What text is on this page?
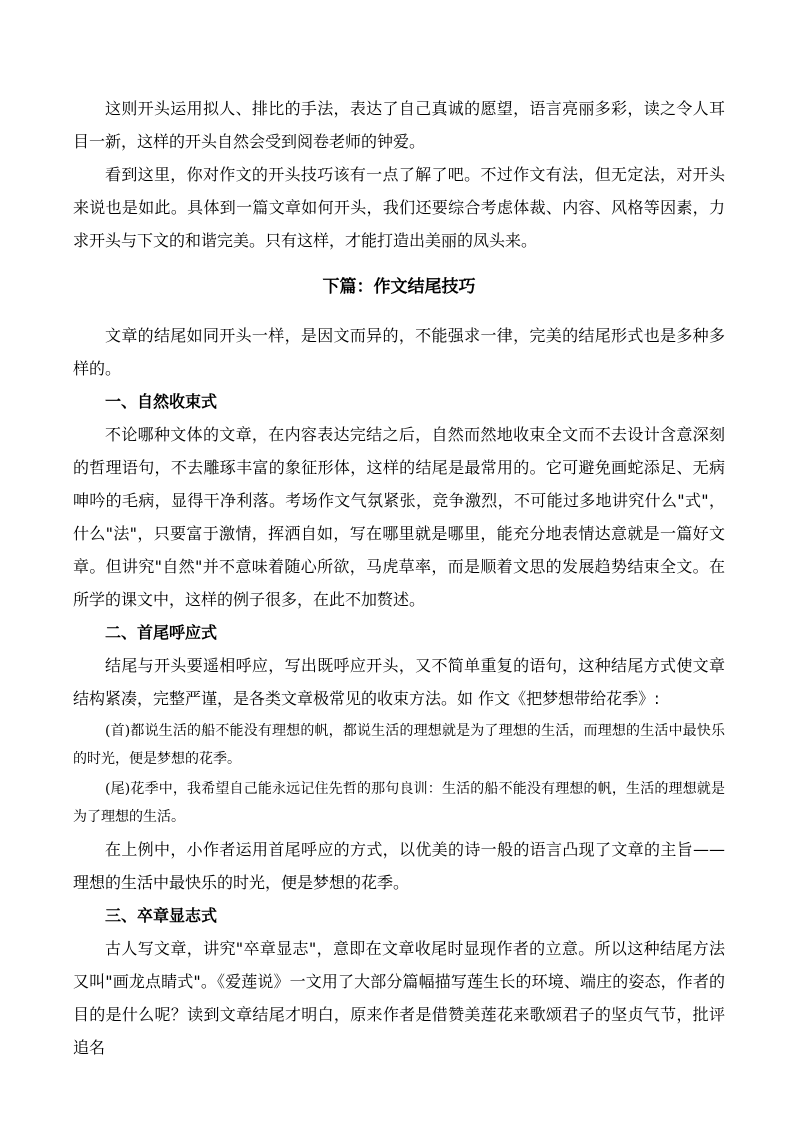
这则开头运用拟人、排比的手法，表达了自己真诚的愿望，语言亮丽多彩，读之令人耳目一新，这样的开头自然会受到阅卷老师的钟爱。

看到这里，你对作文的开头技巧该有一点了解了吧。不过作文有法，但无定法，对开头来说也是如此。具体到一篇文章如何开头，我们还要综合考虑体裁、内容、风格等因素，力求开头与下文的和谐完美。只有这样，才能打造出美丽的凤头来。

下篇：作文结尾技巧

文章的结尾如同开头一样，是因文而异的，不能强求一律，完美的结尾形式也是多种多样的。

一、自然收束式

不论哪种文体的文章，在内容表达完结之后，自然而然地收束全文而不去设计含意深刻的哲理语句，不去雕琢丰富的象征形体，这样的结尾是最常用的。它可避免画蛇添足、无病呻吟的毛病，显得干净利落。考场作文气氛紧张，竞争激烈，不可能过多地讲究什么"式"，什么"法"，只要富于激情，挥洒自如，写在哪里就是哪里，能充分地表情达意就是一篇好文章。但讲究"自然"并不意味着随心所欲，马虎草率，而是顺着文思的发展趋势结束全文。在所学的课文中，这样的例子很多，在此不加赘述。

二、首尾呼应式

结尾与开头要遥相呼应，写出既呼应开头，又不简单重复的语句，这种结尾方式使文章结构紧凑，完整严谨，是各类文章极常见的收束方法。如 作文《把梦想带给花季》:

(首)都说生活的船不能没有理想的帆，都说生活的理想就是为了理想的生活，而理想的生活中最快乐的时光，便是梦想的花季。

(尾)花季中，我希望自己能永远记住先哲的那句良训：生活的船不能没有理想的帆，生活的理想就是为了理想的生活。

在上例中，小作者运用首尾呼应的方式，以优美的诗一般的语言凸现了文章的主旨——理想的生活中最快乐的时光，便是梦想的花季。

三、卒章显志式

古人写文章，讲究"卒章显志"，意即在文章收尾时显现作者的立意。所以这种结尾方法又叫"画龙点睛式"。《爱莲说》一文用了大部分篇幅描写莲生长的环境、端庄的姿态，作者的目的是什么呢？读到文章结尾才明白，原来作者是借赞美莲花来歌颂君子的坚贞气节，批评追名
